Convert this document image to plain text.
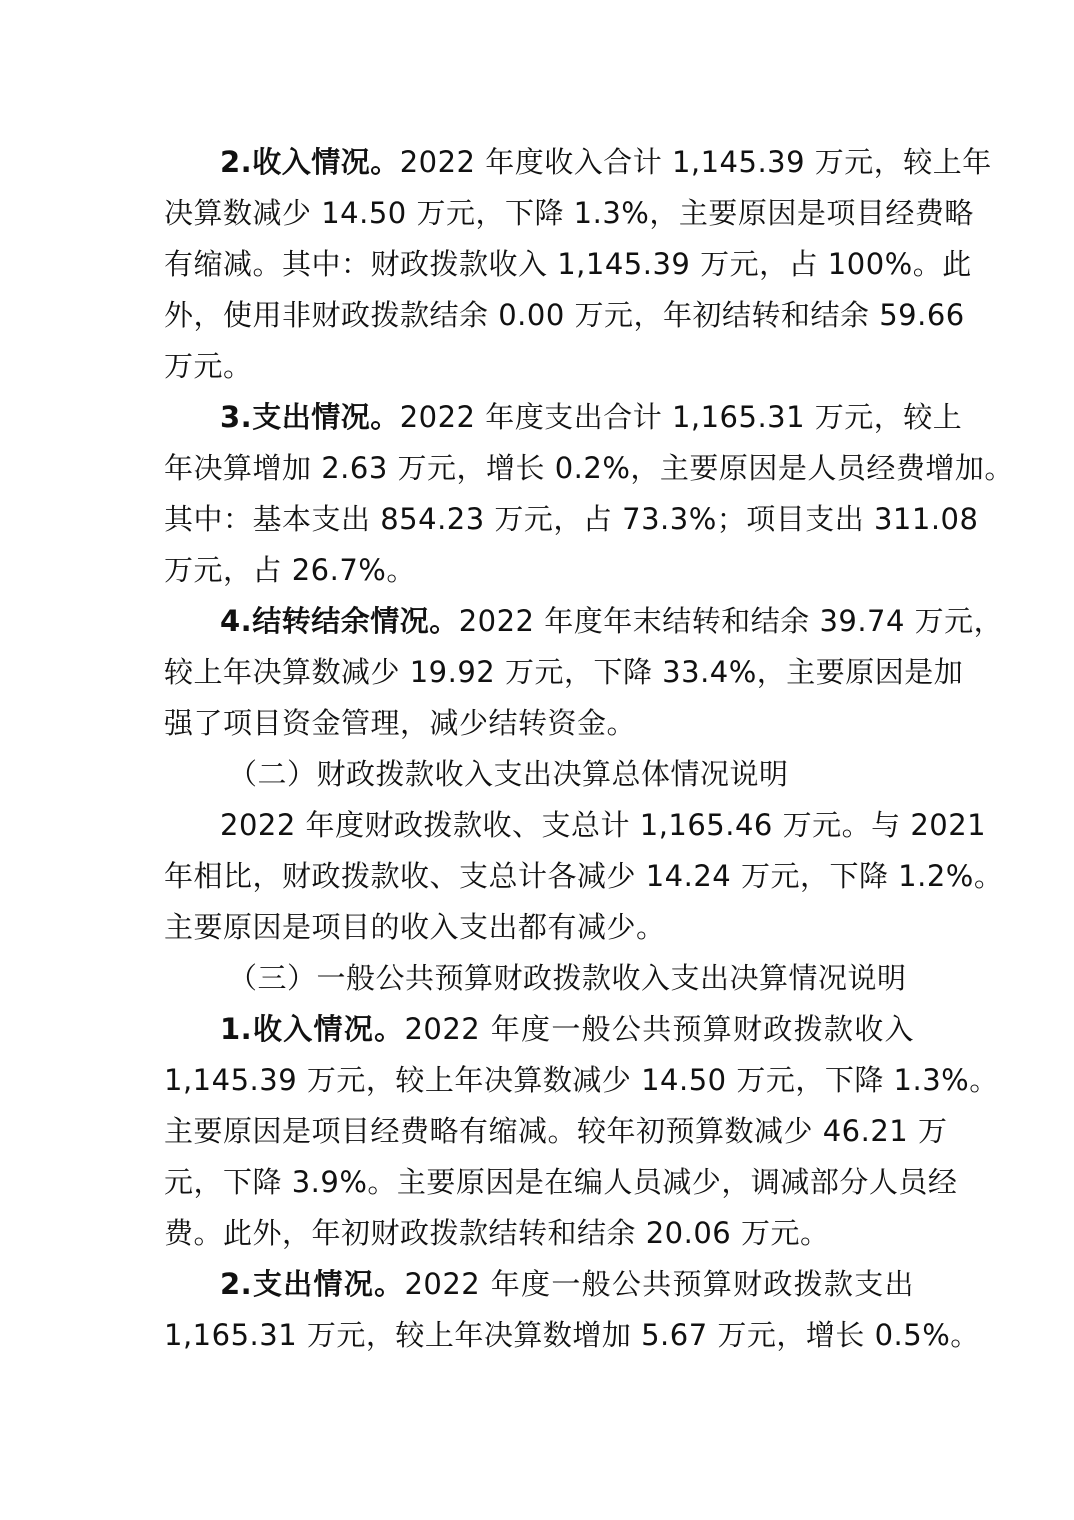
2.收入情况。2022 年度收入合计 1,145.39 万元，较上年
决算数减少 14.50 万元，下降 1.3%，主要原因是项目经费略
有缩减。其中：财政拨款收入 1,145.39 万元，占 100%。此
外，使用非财政拨款结余 0.00 万元，年初结转和结余 59.66
万元。
3.支出情况。2022 年度支出合计 1,165.31 万元，较上
年决算增加 2.63 万元，增长 0.2%，主要原因是人员经费增加。
其中：基本支出 854.23 万元，占 73.3%；项目支出 311.08
万元，占 26.7%。
4.结转结余情况。2022 年度年末结转和结余 39.74 万元，
较上年决算数减少 19.92 万元，下降 33.4%，主要原因是加
强了项目资金管理，减少结转资金。
（二）财政拨款收入支出决算总体情况说明
2022 年度财政拨款收、支总计 1,165.46 万元。与 2021
年相比，财政拨款收、支总计各减少 14.24 万元，下降 1.2%。
主要原因是项目的收入支出都有减少。
（三）一般公共预算财政拨款收入支出决算情况说明
1.收入情况。2022 年度一般公共预算财政拨款收入
1,145.39 万元，较上年决算数减少 14.50 万元，下降 1.3%。
主要原因是项目经费略有缩减。较年初预算数减少 46.21 万
元，下降 3.9%。主要原因是在编人员减少，调减部分人员经
费。此外，年初财政拨款结转和结余 20.06 万元。
2.支出情况。2022 年度一般公共预算财政拨款支出
1,165.31 万元，较上年决算数增加 5.67 万元，增长 0.5%。
